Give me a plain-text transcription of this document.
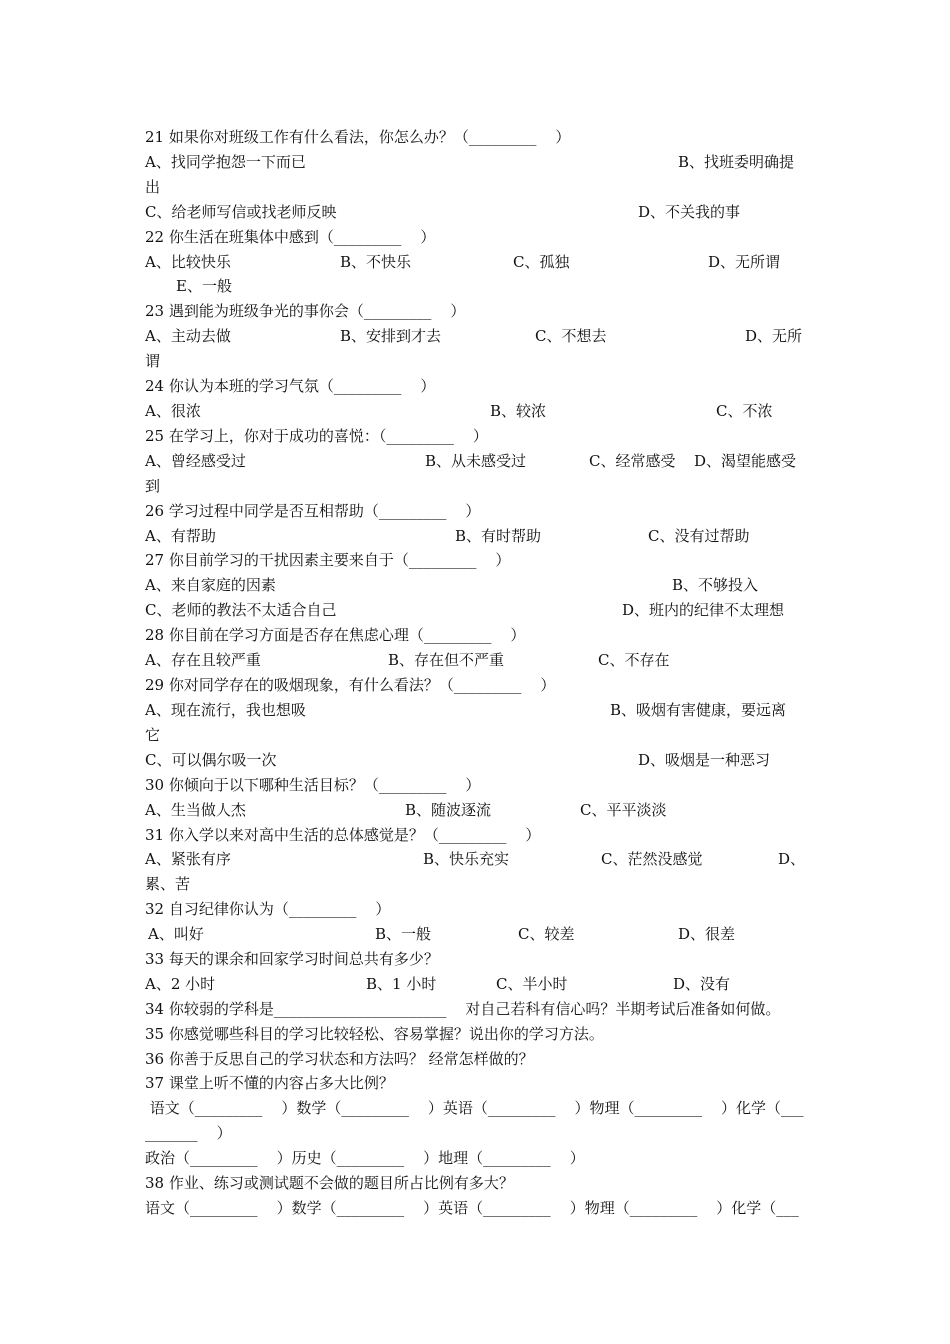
21 如果你对班级工作有什么看法，你怎么办？（_________    ）
A、找同学抱怨一下而已	B、找班委明确提
出
C、给老师写信或找老师反映	D、不关我的事
22 你生活在班集体中感到（_________    ）
A、比较快乐	B、不快乐	C、孤独	D、无所谓
E、一般
23 遇到能为班级争光的事你会（_________    ）
A、主动去做	B、安排到才去	C、不想去	D、无所
谓
24 你认为本班的学习气氛（_________    ）
A、很浓	B、较浓	C、不浓
25 在学习上，你对于成功的喜悦：（_________    ）
A、曾经感受过	B、从未感受过	C、经常感受 D、渴望能感受
到
26 学习过程中同学是否互相帮助（_________    ）
A、有帮助	B、有时帮助	C、没有过帮助
27 你目前学习的干扰因素主要来自于（_________    ）
A、来自家庭的因素	B、不够投入
C、老师的教法不太适合自己	D、班内的纪律不太理想
28 你目前在学习方面是否存在焦虑心理（_________    ）
A、存在且较严重	B、存在但不严重	C、不存在
29 你对同学存在的吸烟现象，有什么看法？（_________    ）
A、现在流行，我也想吸	B、吸烟有害健康，要远离
它
C、可以偶尔吸一次	D、吸烟是一种恶习
30 你倾向于以下哪种生活目标？（_________    ）
A、生当做人杰	B、随波逐流	C、平平淡淡
31 你入学以来对高中生活的总体感觉是？（_________    ）
A、紧张有序	B、快乐充实	C、茫然没感觉	D、
累、苦
32 自习纪律你认为（_________    ）
A、叫好	B、一般	C、较差	D、很差
33 每天的课余和回家学习时间总共有多少？
A、2 小时	B、1 小时	C、半小时	D、没有
34 你较弱的学科是_______________________    对自己若科有信心吗？半期考试后准备如何做。
35 你感觉哪些科目的学习比较轻松、容易掌握？说出你的学习方法。
36 你善于反思自己的学习状态和方法吗？ 经常怎样做的？
37 课堂上听不懂的内容占多大比例？
语文（_________    ）数学（_________    ）英语（_________    ）物理（_________    ）化学（___
_______    ）
政治（_________    ）历史（_________    ）地理（_________    ）
38 作业、练习或测试题不会做的题目所占比例有多大？
语文（_________    ）数学（_________    ）英语（_________    ）物理（_________    ）化学（___
